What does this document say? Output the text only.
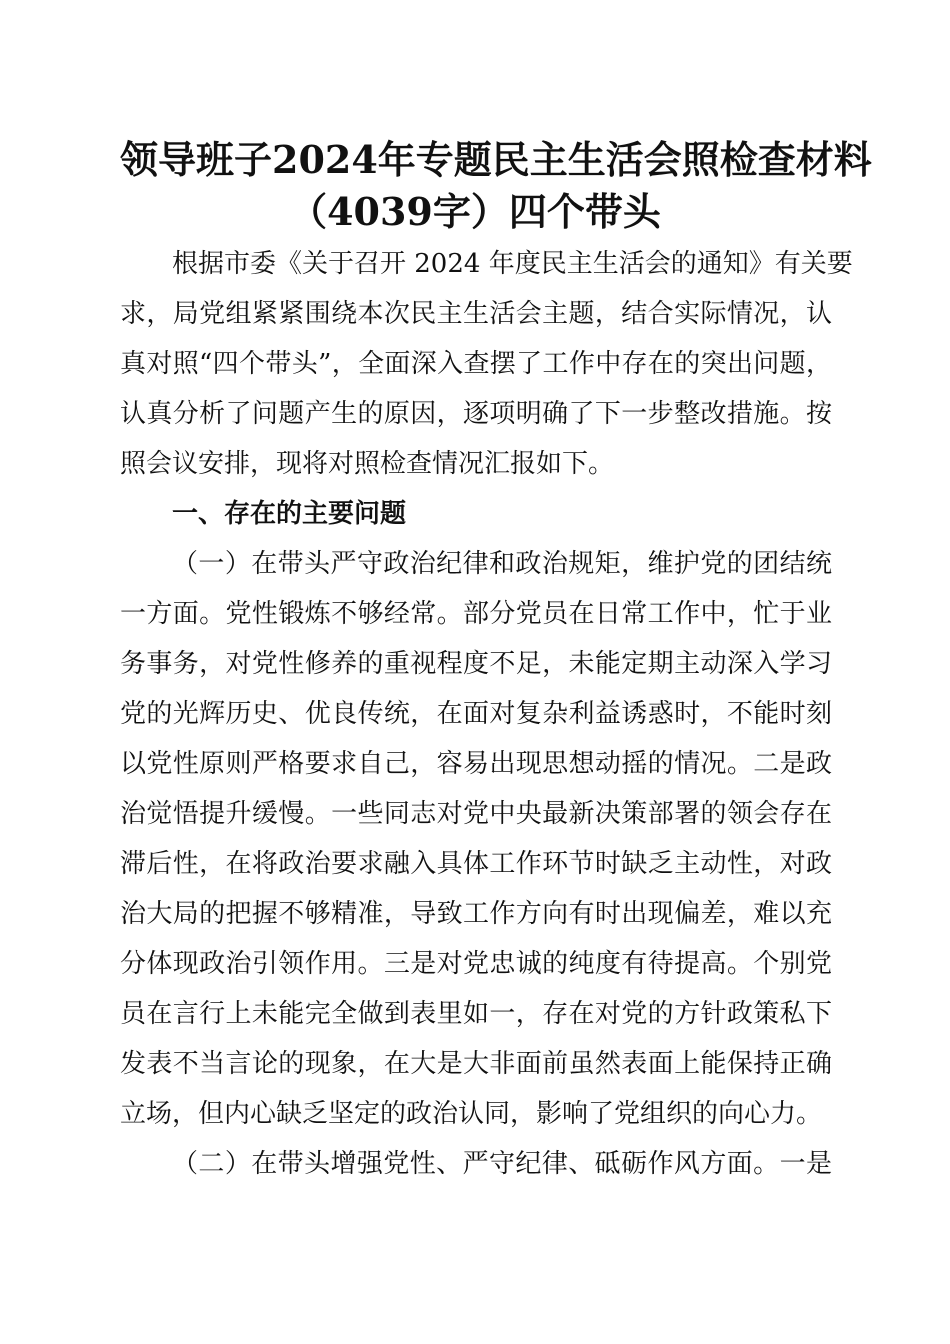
领导班子2024年专题民主生活会照检查材料
（4039字）四个带头

根据市委《关于召开 2024 年度民主生活会的通知》有关要

求，局党组紧紧围绕本次民主生活会主题，结合实际情况，认

真对照“四个带头”，全面深入查摆了工作中存在的突出问题，

认真分析了问题产生的原因，逐项明确了下一步整改措施。按

照会议安排，现将对照检查情况汇报如下。

一、存在的主要问题

（一）在带头严守政治纪律和政治规矩，维护党的团结统

一方面。党性锻炼不够经常。部分党员在日常工作中，忙于业

务事务，对党性修养的重视程度不足，未能定期主动深入学习

党的光辉历史、优良传统，在面对复杂利益诱惑时，不能时刻

以党性原则严格要求自己，容易出现思想动摇的情况。二是政

治觉悟提升缓慢。一些同志对党中央最新决策部署的领会存在

滞后性，在将政治要求融入具体工作环节时缺乏主动性，对政

治大局的把握不够精准，导致工作方向有时出现偏差，难以充

分体现政治引领作用。三是对党忠诚的纯度有待提高。个别党

员在言行上未能完全做到表里如一，存在对党的方针政策私下

发表不当言论的现象，在大是大非面前虽然表面上能保持正确

立场，但内心缺乏坚定的政治认同，影响了党组织的向心力。

（二）在带头增强党性、严守纪律、砥砺作风方面。一是
